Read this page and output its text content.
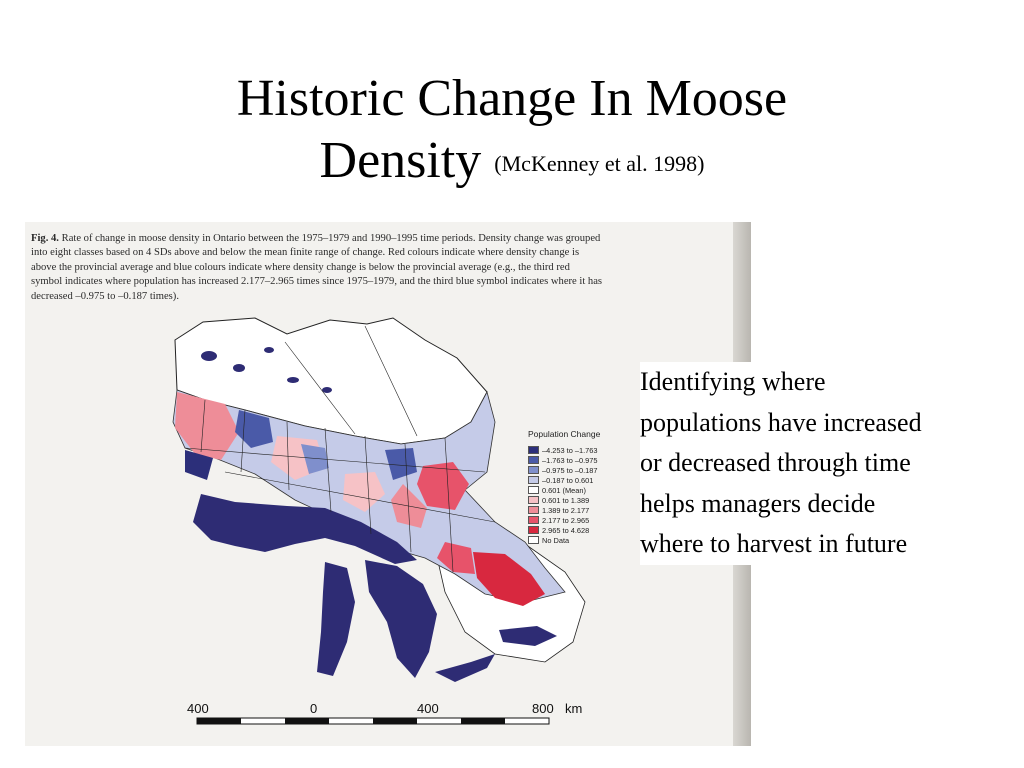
Historic Change In Moose
Density (McKenney et al. 1998)
Fig. 4. Rate of change in moose density in Ontario between the 1975–1979 and 1990–1995 time periods. Density change was grouped
into eight classes based on 4 SDs above and below the mean finite range of change. Red colours indicate where density change is
above the provincial average and blue colours indicate where density change is below the provincial average (e.g., the third red
symbol indicates where population has increased 2.177–2.965 times since 1975–1979, and the third blue symbol indicates where it has
decreased –0.975 to –0.187 times).
Population Change
–4.253 to –1.763
–1.763 to –0.975
–0.975 to –0.187
–0.187 to 0.601
0.601 (Mean)
0.601 to 1.389
1.389 to 2.177
2.177 to 2.965
2.965 to 4.628
No Data
400	0	400	800 km
Identifying where
populations have increased
or decreased through time
helps managers decide
where to harvest in future
